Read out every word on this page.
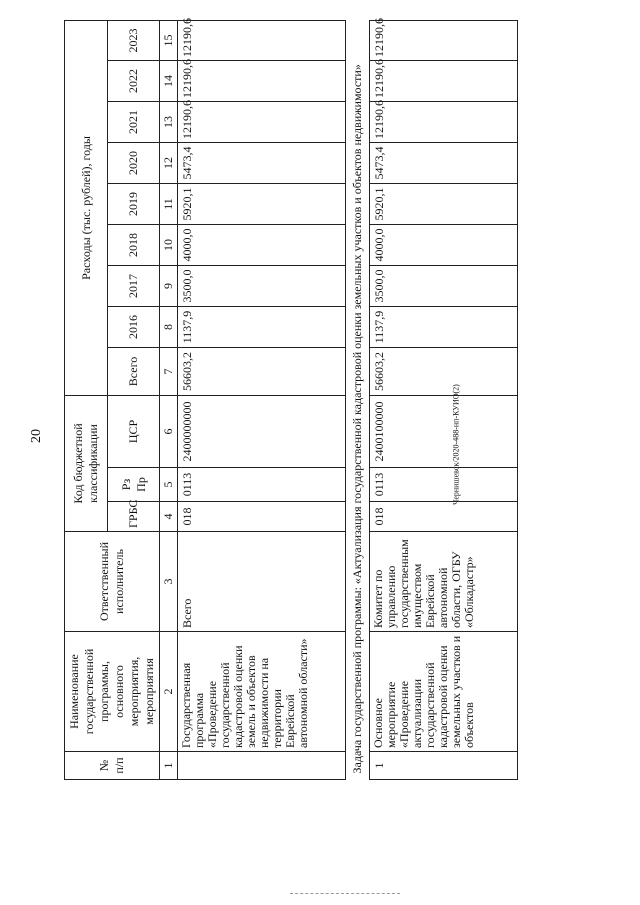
20	Чернишевск/2020-488-нп-КУИО(2)
№ п/п	Наименование государственной программы, основного мероприятия, мероприятия	Ответственный исполнитель	Код бюджетной классификации			Расходы (тыс. рублей), годы								
			ГРБС	Рз Пр	ЦСР	Всего	2016	2017	2018	2019	2020	2021	2022	2023
1	2	3	4	5	6	7	8	9	10	11	12	13	14	15
	Государственная программа «Проведение государственной кадастровой оценки земель и объектов недвижимости на территории Еврейской автономной области»	Всего	018	0113	2400000000	56603,2	1137,9	3500,0	4000,0	5920,1	5473,4	12190,6	12190,6	12190,6
Задача государственной программы: «Актуализация государственной кадастровой оценки земельных участков и объектов недвижимости»														
1	Основное мероприятие «Проведение актуализации государственной кадастровой оценки земельных участков и объектов	Комитет по управлению государственным имуществом Еврейской автономной области, ОГБУ «Облкадастр»	018	0113	2400100000	56603,2	1137,9	3500,0	4000,0	5920,1	5473,4	12190,6	12190,6	12190,6
